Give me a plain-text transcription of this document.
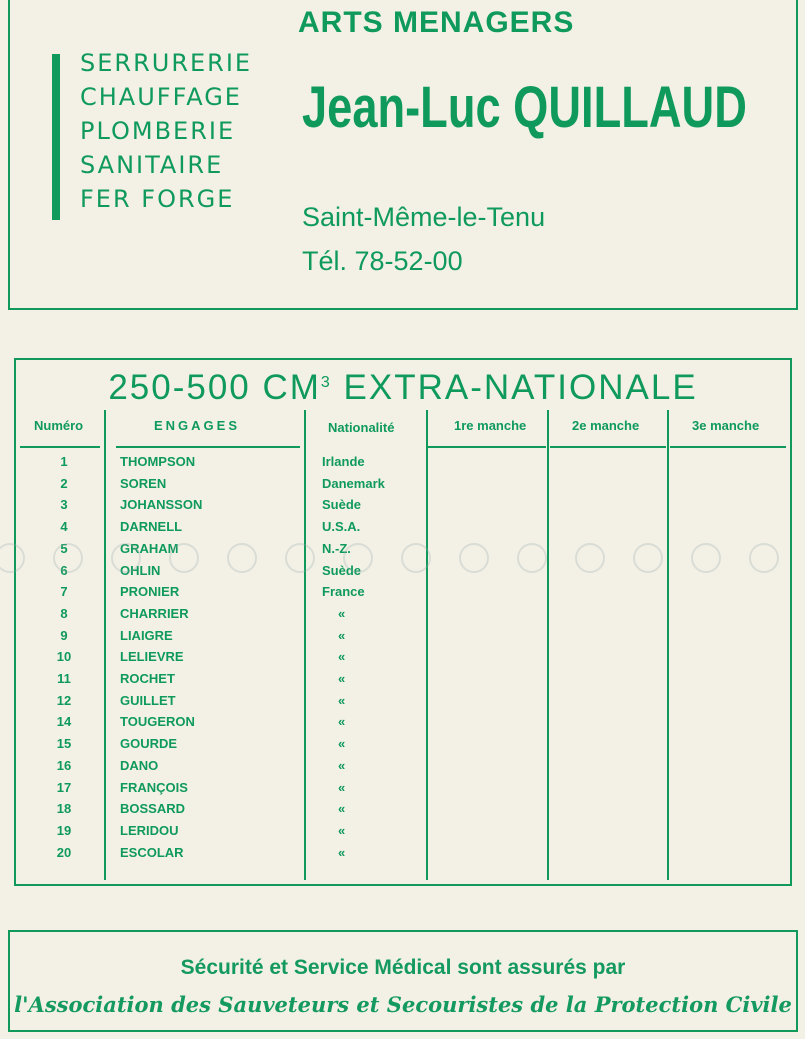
SERRURERIE
CHAUFFAGE
PLOMBERIE
SANITAIRE
FER FORGE
ARTS MENAGERS
Jean-Luc QUILLAUD
Saint-Même-le-Tenu
Tél. 78-52-00
250-500 $CM^3$ EXTRA-NATIONALE
Numéro	ENGAGES	Nationalité	1re manche	2e manche	3e manche
1	THOMPSON	Irlande
2	SOREN	Danemark
3	JOHANSSON	Suède
4	DARNELL	U.S.A.
5	GRAHAM	N.-Z.
6	OHLIN	Suède
7	PRONIER	France
8	CHARRIER	«
9	LIAIGRE	«
10	LELIEVRE	«
11	ROCHET	«
12	GUILLET	«
14	TOUGERON	«
15	GOURDE	«
16	DANO	«
17	FRANÇOIS	«
18	BOSSARD	«
19	LERIDOU	«
20	ESCOLAR	«
Sécurité et Service Médical sont assurés par
l'Association des Sauveteurs et Secouristes de la Protection Civile
